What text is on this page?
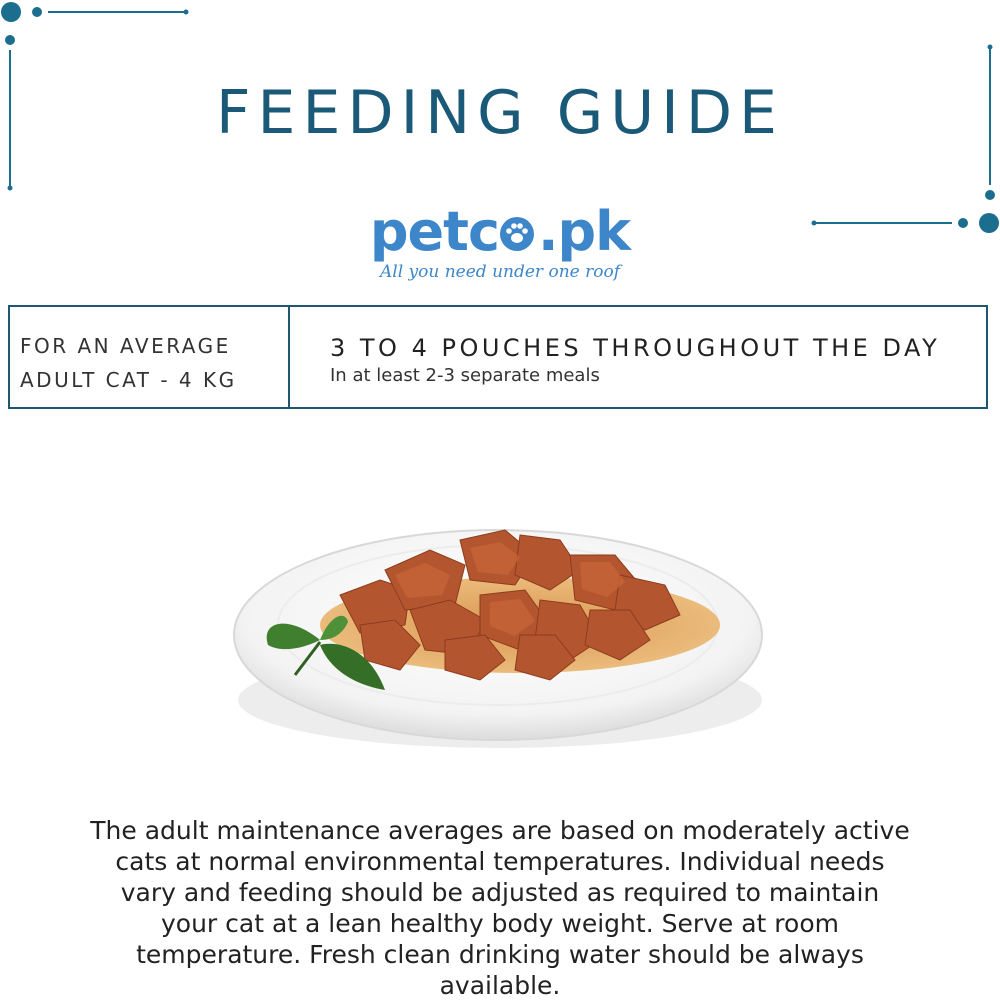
FEEDING GUIDE
petc .pk
All you need under one roof
FOR AN AVERAGE
ADULT CAT - 4 KG
3 TO 4 POUCHES THROUGHOUT THE DAY
In at least 2-3 separate meals
The adult maintenance averages are based on moderately active cats at normal environmental temperatures. Individual needs vary and feeding should be adjusted as required to maintain your cat at a lean healthy body weight. Serve at room temperature. Fresh clean drinking water should be always available.
